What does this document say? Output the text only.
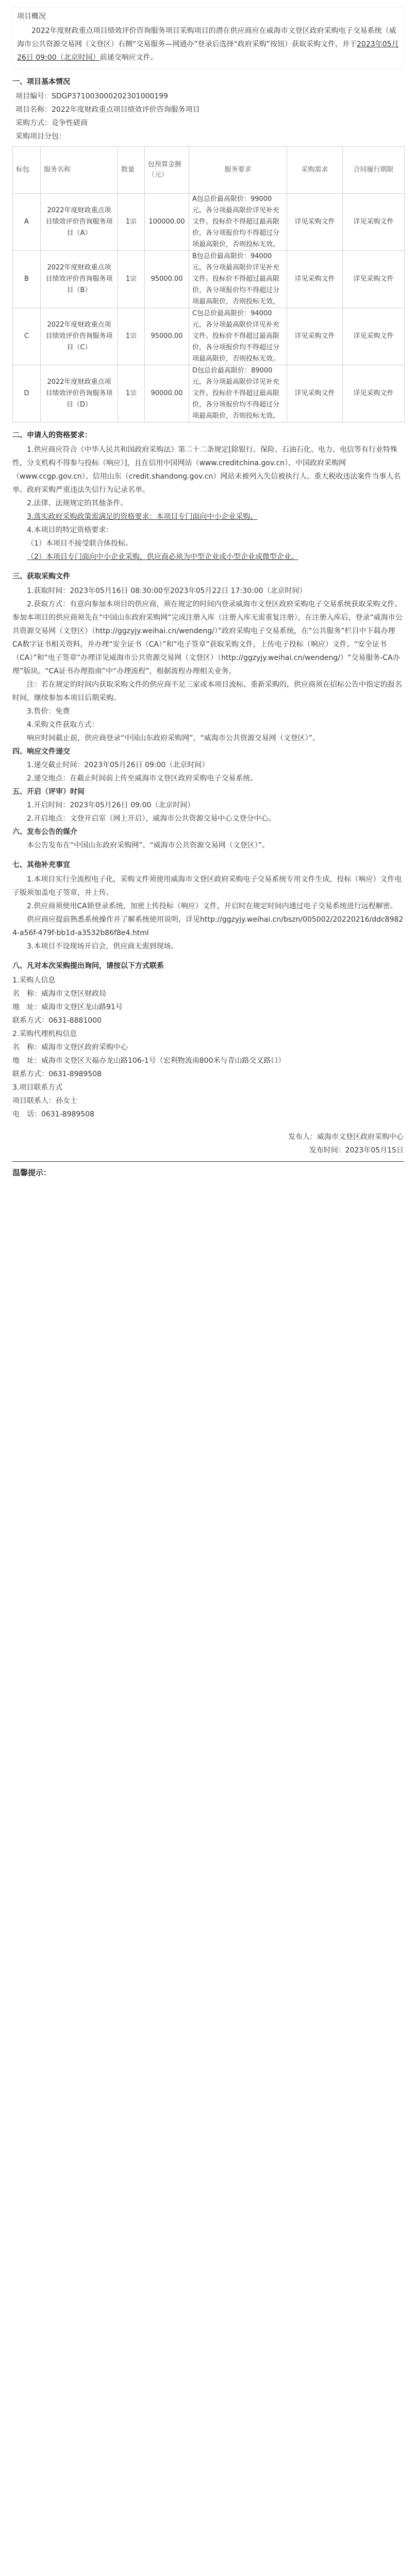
项目概况

2022年度财政重点项目绩效评价咨询服务项目采购项目的潜在供应商应在威海市文登区政府采购电子交易系统（威海市公共资源交易网（文登区）右侧“交易服务—网通办”登录后选择“政府采购”按钮）获取采购文件，并于2023年05月26日 09:00（北京时间）前递交响应文件。

一、项目基本情况

项目编号：SDGP371003000202301000199

项目名称：2022年度财政重点项目绩效评价咨询服务项目

采购方式：竞争性磋商

采购项目分包：

标包	服务名称	数量	包预算金额（元）	服务要求	采购需求	合同履行期限
A	2022年度财政重点项目绩效评价咨询服务项目（A）	1宗	100000.00	A包总价最高限价：99000元，各分项最高限价详见补充文件。投标价不得超过最高限价，各分项报价均不得超过分项最高限价，否则投标无效。	详见采购文件	详见采购文件
B	2022年度财政重点项目绩效评价咨询服务项目（B）	1宗	95000.00	B包总价最高限价：94000元，各分项最高限价详见补充文件。投标价不得超过最高限价，各分项报价均不得超过分项最高限价，否则投标无效。	详见采购文件	详见采购文件
C	2022年度财政重点项目绩效评价咨询服务项目（C）	1宗	95000.00	C包总价最高限价：94000元，各分项最高限价详见补充文件。投标价不得超过最高限价，各分项报价均不得超过分项最高限价，否则投标无效。	详见采购文件	详见采购文件
D	2022年度财政重点项目绩效评价咨询服务项目（D）	1宗	90000.00	D包总价最高限价：89000元，各分项最高限价详见补充文件。投标价不得超过最高限价，各分项报价均不得超过分项最高限价，否则投标无效。	详见采购文件	详见采购文件
二、申请人的资格要求：

1.供应商应符合《中华人民共和国政府采购法》第二十二条规定[除银行、保险、石油石化、电力、电信等有行业特殊性，分支机构不得参与投标（响应）]，且在信用中国网站（www.creditchina.gov.cn）、中国政府采购网（www.ccgp.gov.cn）、信用山东（credit.shandong.gov.cn）网站未被列入失信被执行人、重大税收违法案件当事人名单、政府采购严重违法失信行为记录名单。

2.法律、法规规定的其他条件。

3.落实政府采购政策需满足的资格要求：本项目专门面向中小企业采购。

4.本项目的特定资格要求：

（1）本项目不接受联合体投标。

（2）本项目专门面向中小企业采购，供应商必须为中型企业或小型企业或微型企业。

三、获取采购文件

1.获取时间：2023年05月16日 08:30:00至2023年05月22日 17:30:00（北京时间）

2.获取方式：有意向参加本项目的供应商，须在规定的时间内登录威海市文登区政府采购电子交易系统获取采购文件。参加本项目的供应商须先在“中国山东政府采购网”完成注册入库（注册入库无需重复注册），在注册入库后，登录“威海市公共资源交易网（文登区）（http://ggzyjy.weihai.cn/wendeng/）”政府采购电子交易系统，在“公共服务”栏目中下载办理CA数字证书相关资料，并办理“安全证书（CA）”和“电子签章”获取采购文件，上传电子投标（响应）文件。“安全证书（CA）”和“电子签章”办理详见威海市公共资源交易网（文登区）（http://ggzyjy.weihai.cn/wendeng/）“交易服务-CA办理”版块。“CA证书办理指南”中“办理流程”，根据流程办理相关业务。

注：若在规定的时间内获取采购文件的供应商不足三家或本项目流标、重新采购的，供应商须在招标公告中指定的报名时间，继续参加本项目后期采购。

3.售价：免费

4.采购文件获取方式：

响应时间截止前，供应商登录“中国山东政府采购网”，“威海市公共资源交易网（文登区）”。

四、响应文件递交

1.递交截止时间：2023年05月26日 09:00（北京时间）

2.递交地点：在截止时间前上传至威海市文登区政府采购电子交易系统。

五、开启（评审）时间

1.开启时间：2023年05月26日 09:00（北京时间）

2.开启地点：文登开启室（网上开启），威海市公共资源交易中心文登分中心。

六、发布公告的媒介

本公告发布在“中国山东政府采购网”、“威海市公共资源交易网（文登区）”。

七、其他补充事宜

1.本项目实行全流程电子化，采购文件须使用威海市文登区政府采购电子交易系统专用文件生成，投标（响应）文件电子版须加盖电子签章，并上传。

2.供应商须使用CA锁登录系统，加密上传投标（响应）文件，开启时在规定时间内通过电子交易系统进行远程解密。

供应商应提前熟悉系统操作并了解系统使用说明，详见http://ggzyjy.weihai.cn/bszn/005002/20220216/ddc89824-a56f-479f-bb1d-a3532b86f8e4.html

3.本项目不设现场开启会，供应商无需到现场。

八、凡对本次采购提出询问，请按以下方式联系

1.采购人信息

名　称：威海市文登区财政局

地　址：威海市文登区龙山路91号

联系方式：0631-8881000

2.采购代理机构信息

名　称：威海市文登区政府采购中心

地　址：威海市文登区天福办龙山路106-1号（宏利物流南800米与青山路交叉路口）

联系方式：0631-8989508

3.项目联系方式

项目联系人：孙女士

电　话：0631-8989508

发布人：威海市文登区政府采购中心
发布时间：2023年05月15日
温馨提示：
